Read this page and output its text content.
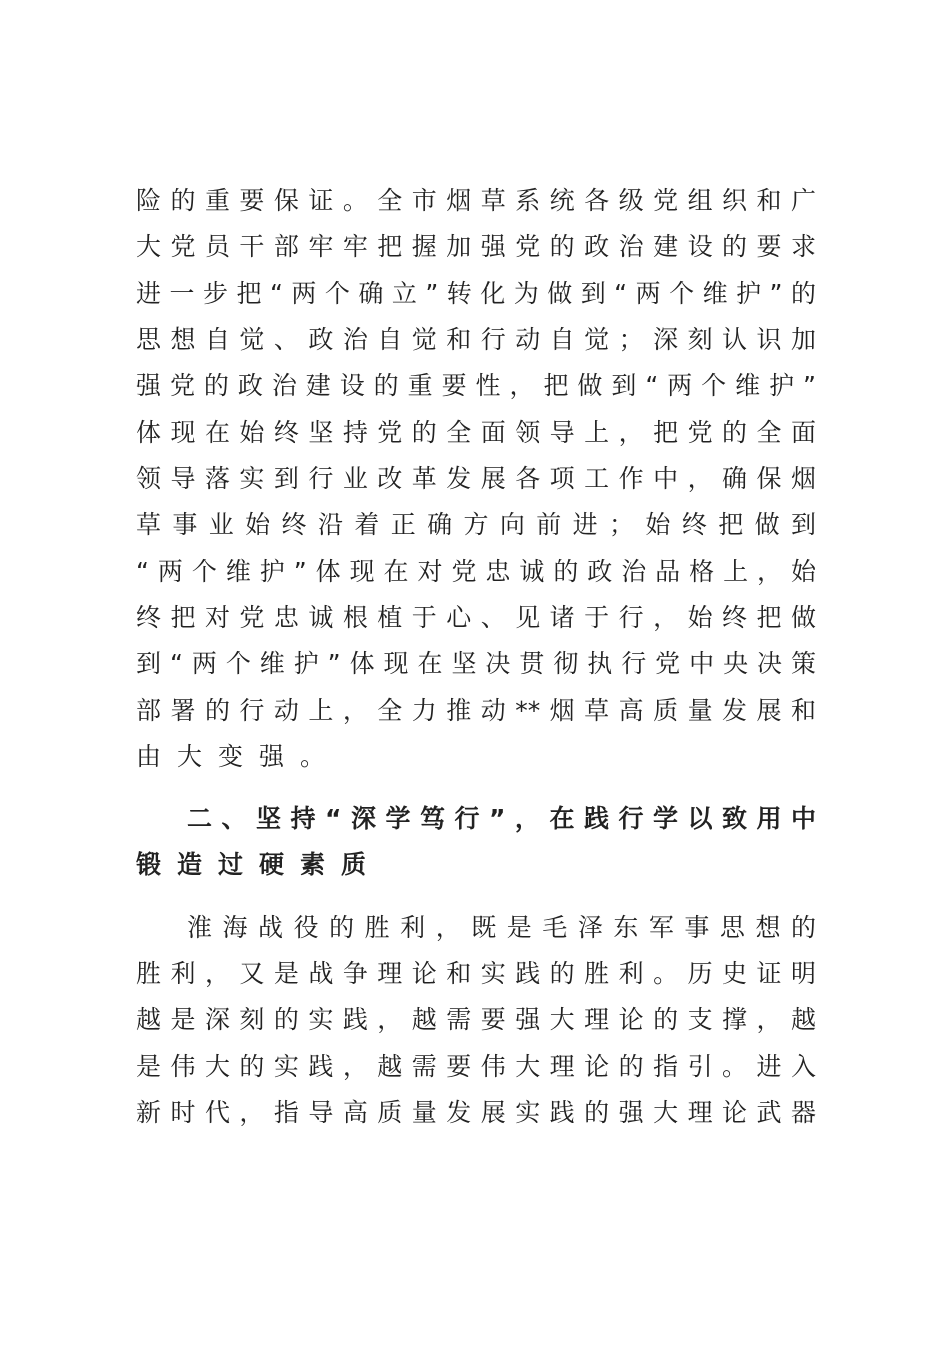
险的重要保证。全市烟草系统各级党组织和广
大党员干部牢牢把握加强党的政治建设的要求
进一步把“两个确立”转化为做到“两个维护”的
思想自觉、政治自觉和行动自觉；深刻认识加
强党的政治建设的重要性，把做到“两个维护”
体现在始终坚持党的全面领导上，把党的全面
领导落实到行业改革发展各项工作中，确保烟
草事业始终沿着正确方向前进；始终把做到
“两个维护”体现在对党忠诚的政治品格上，始
终把对党忠诚根植于心、见诸于行，始终把做
到“两个维护”体现在坚决贯彻执行党中央决策
部署的行动上，全力推动**烟草高质量发展和
由大变强。
二、坚持“深学笃行”，在践行学以致用中
锻造过硬素质
淮海战役的胜利，既是毛泽东军事思想的
胜利，又是战争理论和实践的胜利。历史证明
越是深刻的实践，越需要强大理论的支撑，越
是伟大的实践，越需要伟大理论的指引。进入
新时代，指导高质量发展实践的强大理论武器
